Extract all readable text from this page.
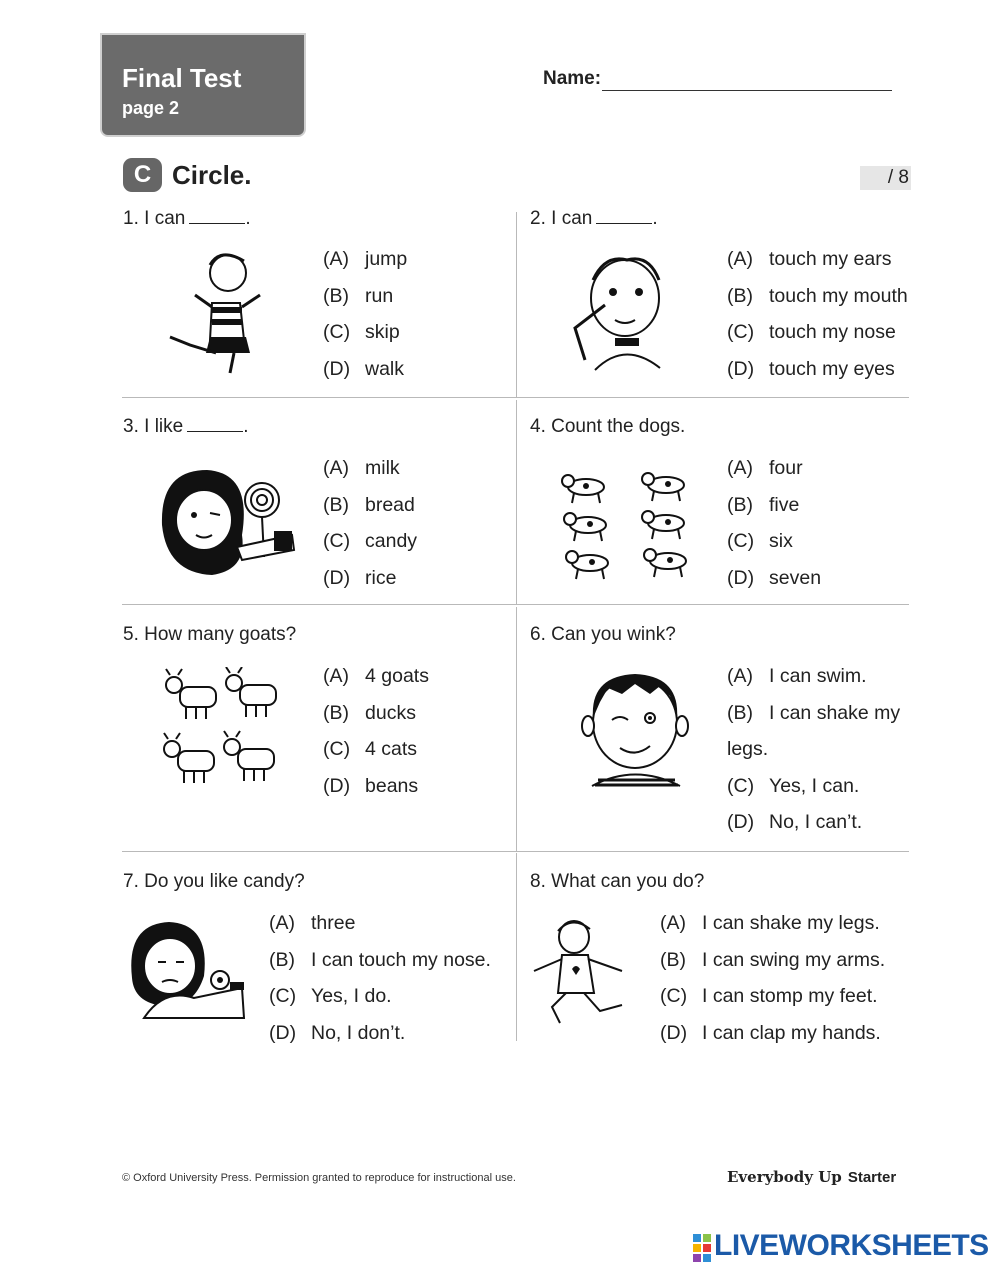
Final Test
page 2
Name:
C Circle.	/ 8
1. I can	.
(A) jump
(B) run
(C) skip
(D) walk
2. I can	.
(A) touch my ears
(B) touch my mouth
(C) touch my nose
(D) touch my eyes
3. I like	.
(A) milk
(B) bread
(C) candy
(D) rice
4. Count the dogs.
(A) four
(B) five
(C) six
(D) seven
5. How many goats?
(A) 4 goats
(B) ducks
(C) 4 cats
(D) beans
6. Can you wink?
(A) I can swim.
(B) I can shake my
legs.
(C) Yes, I can.
(D) No, I can’t.
7. Do you like candy?
(A) three
(B) I can touch my nose.
(C) Yes, I do.
(D) No, I don’t.
8. What can you do?
(A) I can shake my legs.
(B) I can swing my arms.
(C) I can stomp my feet.
(D) I can clap my hands.
© Oxford University Press. Permission granted to reproduce for instructional use.	Everybody Up Starter
LIVEWORKSHEETS
